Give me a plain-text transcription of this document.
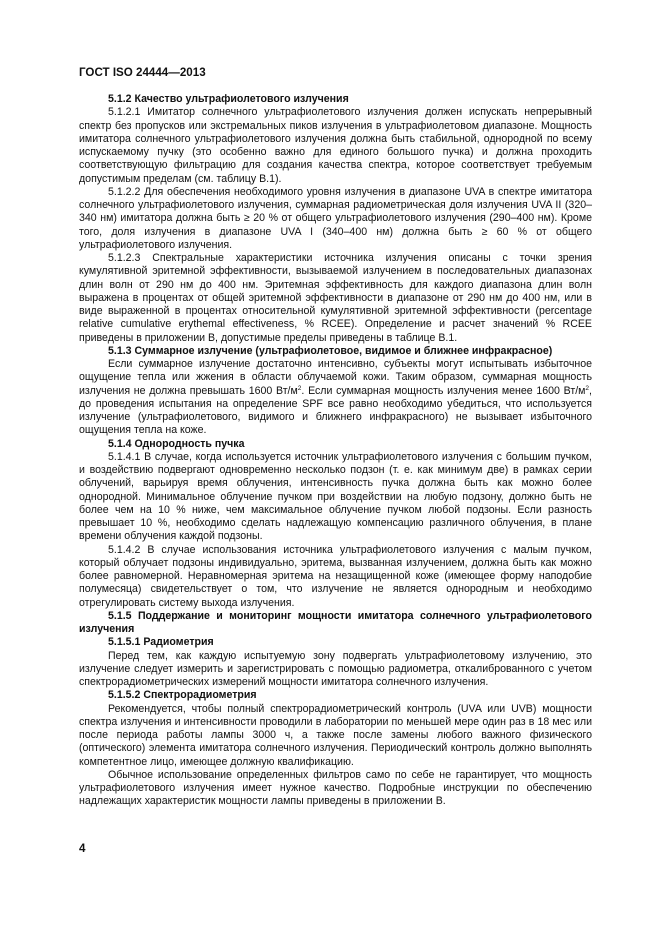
ГОСТ ISO 24444—2013

5.1.2 Качество ультрафиолетового излучения

5.1.2.1 Имитатор солнечного ультрафиолетового излучения должен испускать непрерывный спектр без пропусков или экстремальных пиков излучения в ультрафиолетовом диапазоне. Мощность имитатора солнечного ультрафиолетового излучения должна быть стабильной, однородной по всему испускаемому пучку (это особенно важно для единого большого пучка) и должна проходить соответствующую фильтрацию для создания качества спектра, которое соответствует требуемым допустимым пределам (см. таблицу В.1).

5.1.2.2 Для обеспечения необходимого уровня излучения в диапазоне UVA в спектре имитатора солнечного ультрафиолетового излучения, суммарная радиометрическая доля излучения UVA II (320–340 нм) имитатора должна быть ≥ 20 % от общего ультрафиолетового излучения (290–400 нм). Кроме того, доля излучения в диапазоне UVA I (340–400 нм) должна быть ≥ 60 % от общего ультрафиолетового излучения.

5.1.2.3 Спектральные характеристики источника излучения описаны с точки зрения кумулятивной эритемной эффективности, вызываемой излучением в последовательных диапазонах длин волн от 290 нм до 400 нм. Эритемная эффективность для каждого диапазона длин волн выражена в процентах от общей эритемной эффективности в диапазоне от 290 нм до 400 нм, или в виде выраженной в процентах относительной кумулятивной эритемной эффективности (percentage relative cumulative erythemal effectiveness, % RCEE). Определение и расчет значений % RCEE приведены в приложении В, допустимые пределы приведены в таблице В.1.

5.1.3 Суммарное излучение (ультрафиолетовое, видимое и ближнее инфракрасное)

Если суммарное излучение достаточно интенсивно, субъекты могут испытывать избыточное ощущение тепла или жжения в области облучаемой кожи. Таким образом, суммарная мощность излучения не должна превышать 1600 $Вт/м^2$. Если суммарная мощность излучения менее 1600 $Вт/м^2$, до проведения испытания на определение SPF все равно необходимо убедиться, что используется излучение (ультрафиолетового, видимого и ближнего инфракрасного) не вызывает избыточного ощущения тепла на коже.

5.1.4 Однородность пучка

5.1.4.1 В случае, когда используется источник ультрафиолетового излучения с большим пучком, и воздействию подвергают одновременно несколько подзон (т. е. как минимум две) в рамках серии облучений, варьируя время облучения, интенсивность пучка должна быть как можно более однородной. Минимальное облучение пучком при воздействии на любую подзону, должно быть не более чем на 10 % ниже, чем максимальное облучение пучком любой подзоны. Если разность превышает 10 %, необходимо сделать надлежащую компенсацию различного облучения, в плане времени облучения каждой подзоны.

5.1.4.2 В случае использования источника ультрафиолетового излучения с малым пучком, который облучает подзоны индивидуально, эритема, вызванная излучением, должна быть как можно более равномерной. Неравномерная эритема на незащищенной коже (имеющее форму наподобие полумесяца) свидетельствует о том, что излучение не является однородным и необходимо отрегулировать систему выхода излучения.

5.1.5 Поддержание и мониторинг мощности имитатора солнечного ультрафиолетового излучения

5.1.5.1 Радиометрия

Перед тем, как каждую испытуемую зону подвергать ультрафиолетовому излучению, это излучение следует измерить и зарегистрировать с помощью радиометра, откалиброванного с учетом спектрорадиометрических измерений мощности имитатора солнечного излучения.

5.1.5.2 Спектрорадиометрия

Рекомендуется, чтобы полный спектрорадиометрический контроль (UVA или UVB) мощности спектра излучения и интенсивности проводили в лаборатории по меньшей мере один раз в 18 мес или после периода работы лампы 3000 ч, а также после замены любого важного физического (оптического) элемента имитатора солнечного излучения. Периодический контроль должно выполнять компетентное лицо, имеющее должную квалификацию.

Обычное использование определенных фильтров само по себе не гарантирует, что мощность ультрафиолетового излучения имеет нужное качество. Подробные инструкции по обеспечению надлежащих характеристик мощности лампы приведены в приложении В.

4
